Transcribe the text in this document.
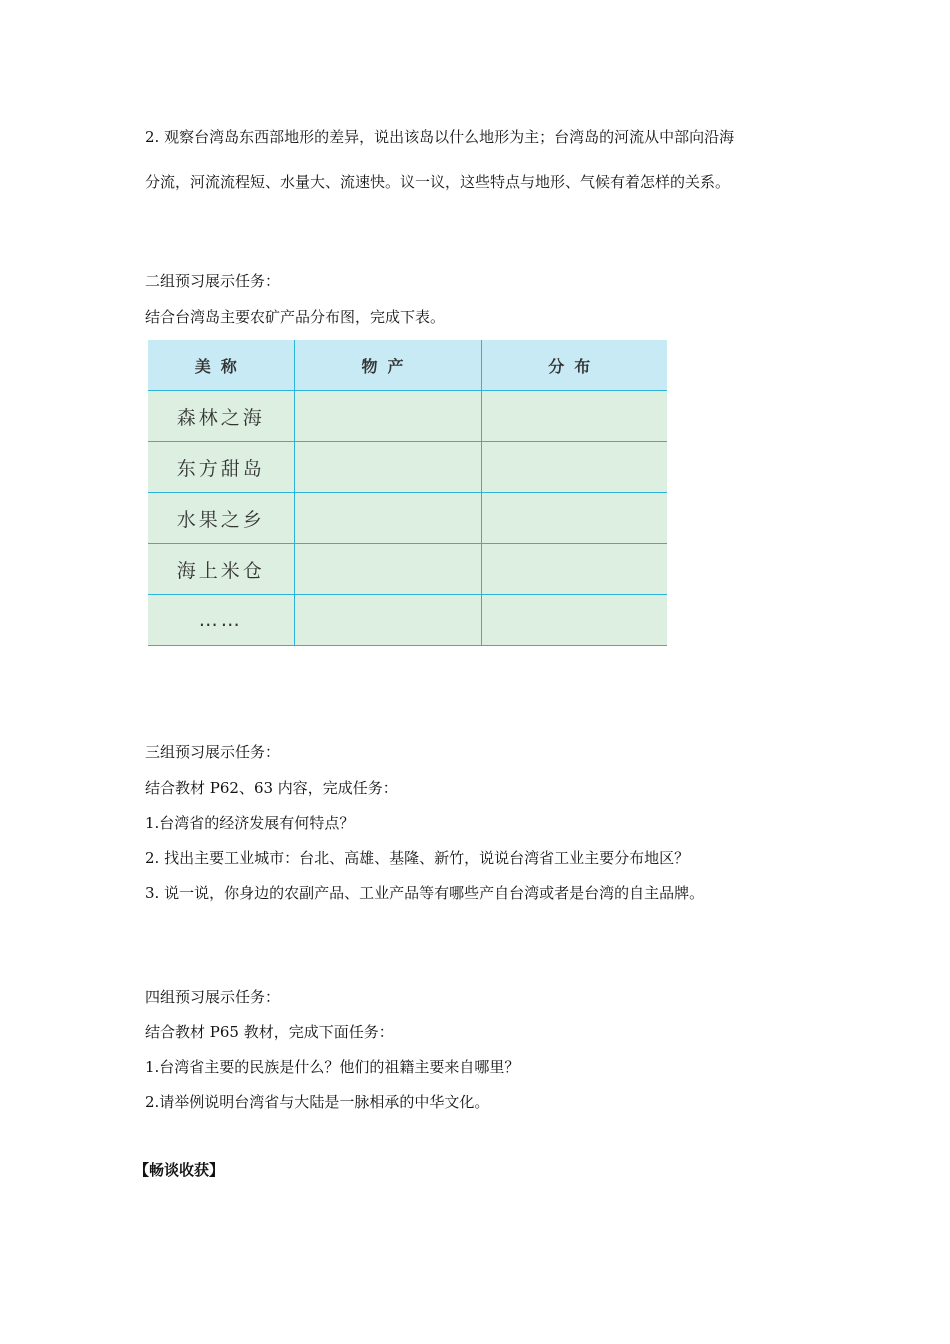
2. 观察台湾岛东西部地形的差异，说出该岛以什么地形为主；台湾岛的河流从中部向沿海
分流，河流流程短、水量大、流速快。议一议，这些特点与地形、气候有着怎样的关系。
二组预习展示任务：
结合台湾岛主要农矿产品分布图，完成下表。
美称	物产	分布
森林之海		
东方甜岛		
水果之乡		
海上米仓		
……		
三组预习展示任务：
结合教材 P62、63 内容，完成任务：
1.台湾省的经济发展有何特点？
2. 找出主要工业城市：台北、高雄、基隆、新竹，说说台湾省工业主要分布地区？
3. 说一说，你身边的农副产品、工业产品等有哪些产自台湾或者是台湾的自主品牌。
四组预习展示任务：
结合教材 P65 教材，完成下面任务：
1.台湾省主要的民族是什么？他们的祖籍主要来自哪里？
2.请举例说明台湾省与大陆是一脉相承的中华文化。
【畅谈收获】
